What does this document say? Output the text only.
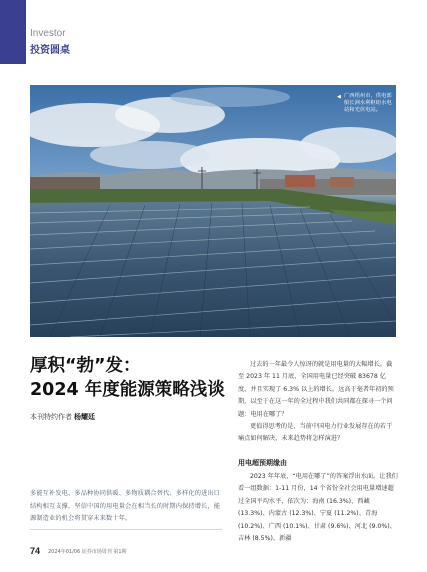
Investor
投资圆桌
◀ 广西梧州市，供电部船长洲水利枢纽水电站和光伏电站。
厚积“勃”发：
2024 年度能源策略浅谈
本刊特约作者 杨耀廷
多能互补发电、多品种协同供暖、多物质耦合替代、多样化的进出口结构相互支撑，坚信中国的用电量会在相当长的时期内保持增长，能源制造业的机会将贯穿未来数十年。
过去的一年最令人惊讶的就是用电量的大幅增长。截至 2023 年 11 月底，全国用电量已经突破 83678 亿度，并且实现了 6.3% 以上的增长。远高于毫者年初的预期，以至于在这一年的全过程中我们共同都在探寻一个问题：电用在哪了？
更值得思考的是，当前中国电力行业发展存在的若干痛点如何解决，未来趋势将怎样演进？
用电超预期缘由
2023 年年底，“电用在哪了”的答案浮出水面。让我们看一组数据：1-11 月份，14 个省份全社会用电量增速超过全国平均水平，依次为：海南 (16.3%)、西藏 (13.3%)、内蒙古 (12.3%)、宁夏 (11.2%)、青海 (10.2%)、广西 (10.1%)、甘肃 (9.6%)、河北 (9.0%)、吉林 (8.5%)、新疆
74 2024年01/06 证券市场周刊 第1期
